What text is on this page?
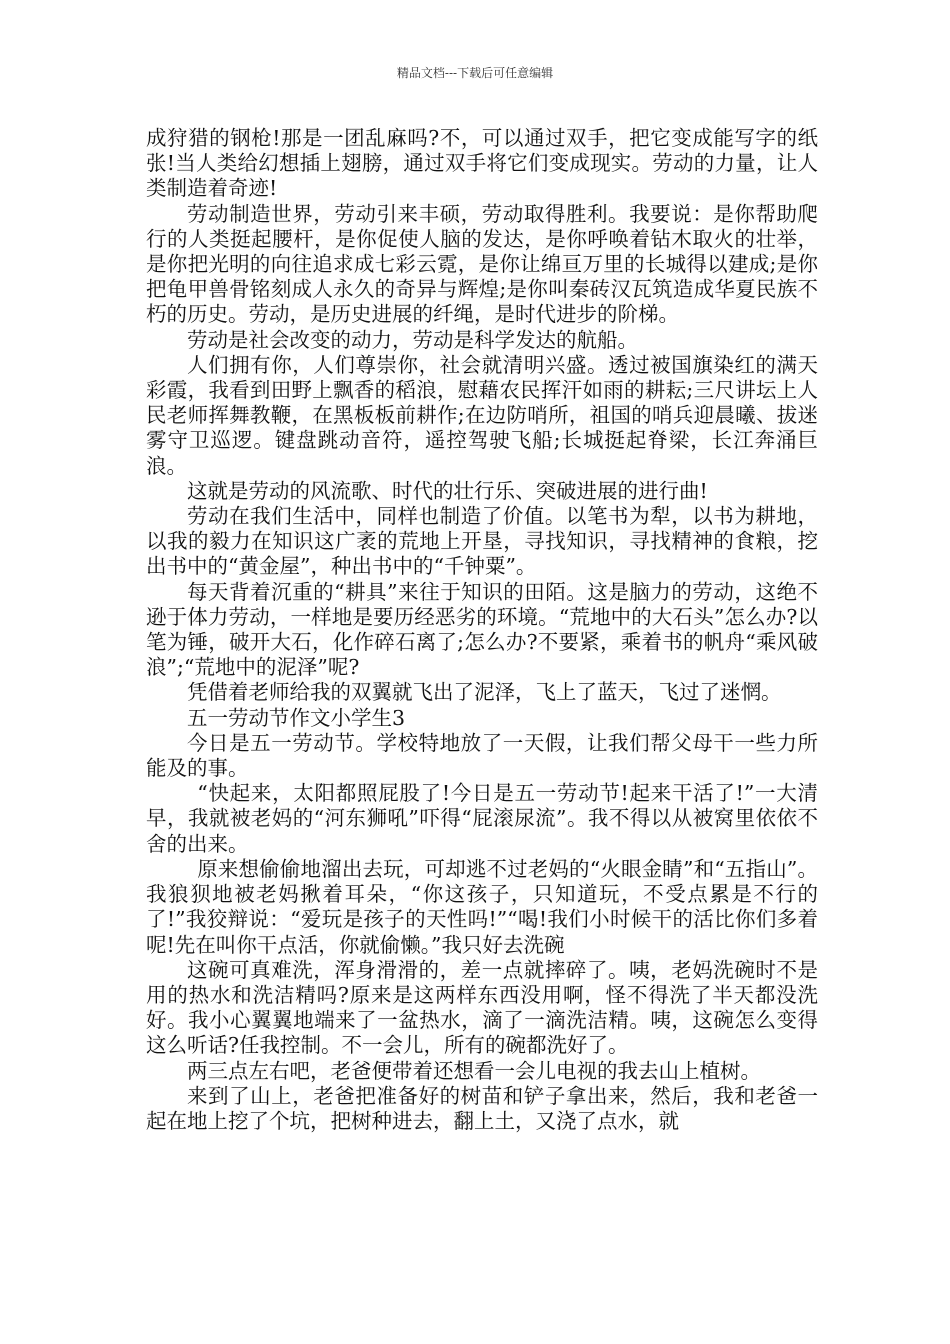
精品文档---下载后可任意编辑

成狩猎的钢枪!那是一团乱麻吗?不，可以通过双手，把它变成能写字的纸张!当人类给幻想插上翅膀，通过双手将它们变成现实。劳动的力量，让人类制造着奇迹!

劳动制造世界，劳动引来丰硕，劳动取得胜利。我要说：是你帮助爬行的人类挺起腰杆，是你促使人脑的发达，是你呼唤着钻木取火的壮举，是你把光明的向往追求成七彩云霓，是你让绵亘万里的长城得以建成;是你把龟甲兽骨铭刻成人永久的奇异与辉煌;是你叫秦砖汉瓦筑造成华夏民族不朽的历史。劳动，是历史进展的纤绳，是时代进步的阶梯。

劳动是社会改变的动力，劳动是科学发达的航船。

人们拥有你，人们尊崇你，社会就清明兴盛。透过被国旗染红的满天彩霞，我看到田野上飘香的稻浪，慰藉农民挥汗如雨的耕耘;三尺讲坛上人民老师挥舞教鞭，在黑板板前耕作;在边防哨所，祖国的哨兵迎晨曦、拔迷雾守卫巡逻。键盘跳动音符，遥控驾驶飞船;长城挺起脊梁，长江奔涌巨浪。

这就是劳动的风流歌、时代的壮行乐、突破进展的进行曲!

劳动在我们生活中，同样也制造了价值。以笔书为犁，以书为耕地，以我的毅力在知识这广袤的荒地上开垦，寻找知识，寻找精神的食粮，挖出书中的“黄金屋”，种出书中的“千钟粟”。

每天背着沉重的“耕具”来往于知识的田陌。这是脑力的劳动，这绝不逊于体力劳动，一样地是要历经恶劣的环境。“荒地中的大石头”怎么办?以笔为锤，破开大石，化作碎石离了;怎么办?不要紧，乘着书的帆舟“乘风破浪”;“荒地中的泥泽”呢?

凭借着老师给我的双翼就飞出了泥泽，飞上了蓝天，飞过了迷惘。

五一劳动节作文小学生3

今日是五一劳动节。学校特地放了一天假，让我们帮父母干一些力所能及的事。

“快起来，太阳都照屁股了!今日是五一劳动节!起来干活了!”一大清早，我就被老妈的“河东狮吼”吓得“屁滚尿流”。我不得以从被窝里依依不舍的出来。

原来想偷偷地溜出去玩，可却逃不过老妈的“火眼金睛”和“五指山”。我狼狈地被老妈揪着耳朵，“你这孩子，只知道玩，不受点累是不行的了!”我狡辩说：“爱玩是孩子的天性吗!”“喝!我们小时候干的活比你们多着呢!先在叫你干点活，你就偷懒。”我只好去洗碗

这碗可真难洗，浑身滑滑的，差一点就摔碎了。咦，老妈洗碗时不是用的热水和洗洁精吗?原来是这两样东西没用啊，怪不得洗了半天都没洗好。我小心翼翼地端来了一盆热水，滴了一滴洗洁精。咦，这碗怎么变得这么听话?任我控制。不一会儿，所有的碗都洗好了。

两三点左右吧，老爸便带着还想看一会儿电视的我去山上植树。

来到了山上，老爸把准备好的树苗和铲子拿出来，然后，我和老爸一起在地上挖了个坑，把树种进去，翻上土，又浇了点水，就
